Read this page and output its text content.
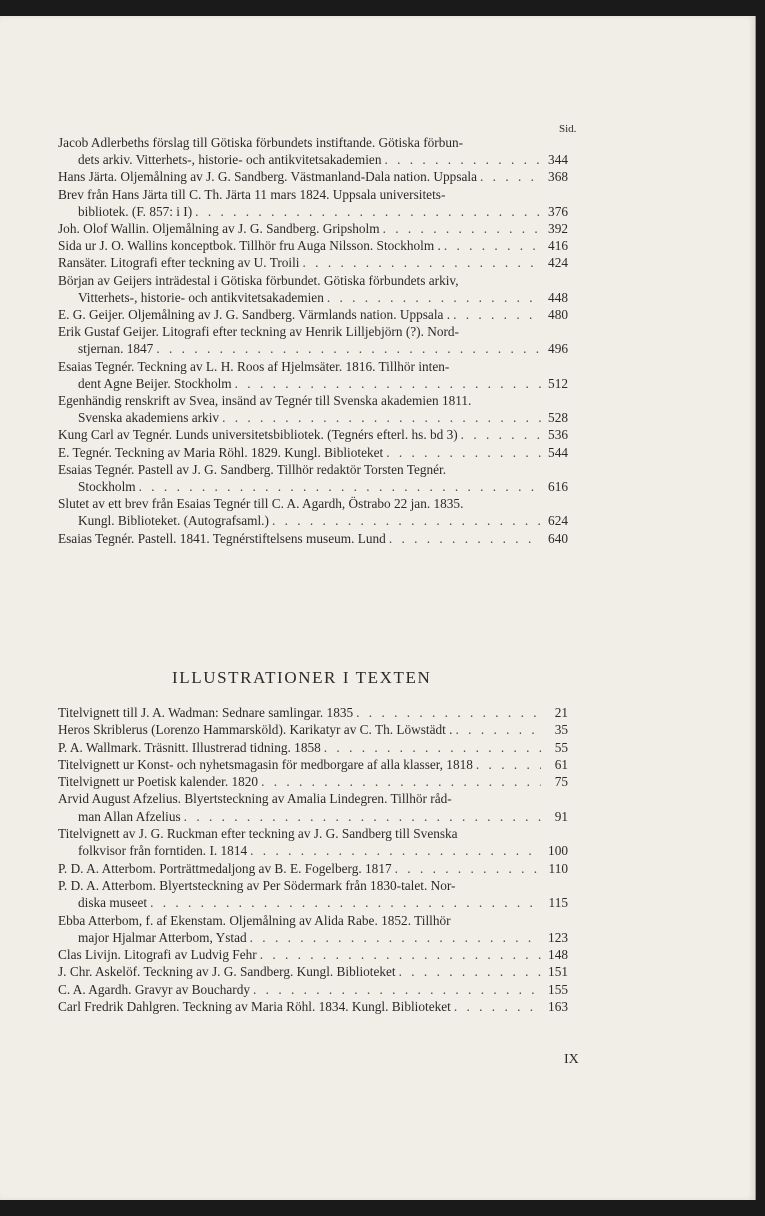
Sid.
Jacob Adlerbeths förslag till Götiska förbundets instiftande. Götiska förbun-
dets arkiv. Vitterhets-, historie- och antikvitetsakademien . . .	344
Hans Järta. Oljemålning av J. G. Sandberg. Västmanland-Dala nation. Uppsala . . .	368
Brev från Hans Järta till C. Th. Järta 11 mars 1824. Uppsala universitets-
bibliotek. (F. 857: i I) . . .	376
Joh. Olof Wallin. Oljemålning av J. G. Sandberg. Gripsholm . . .	392
Sida ur J. O. Wallins konceptbok. Tillhör fru Auga Nilsson. Stockholm . . . .	416
Ransäter. Litografi efter teckning av U. Troili . . .	424
Början av Geijers inträdestal i Götiska förbundet. Götiska förbundets arkiv,
Vitterhets-, historie- och antikvitetsakademien . . .	448
E. G. Geijer. Oljemålning av J. G. Sandberg. Värmlands nation. Uppsala . . . .	480
Erik Gustaf Geijer. Litografi efter teckning av Henrik Lilljebjörn (?). Nord-
stjernan. 1847 . . .	496
Esaias Tegnér. Teckning av L. H. Roos af Hjelmsäter. 1816. Tillhör inten-
dent Agne Beijer. Stockholm . . .	512
Egenhändig renskrift av Svea, insänd av Tegnér till Svenska akademien 1811.
Svenska akademiens arkiv . . .	528
Kung Carl av Tegnér. Lunds universitetsbibliotek. (Tegnérs efterl. hs. bd 3) . . .	536
E. Tegnér. Teckning av Maria Röhl. 1829. Kungl. Biblioteket . . .	544
Esaias Tegnér. Pastell av J. G. Sandberg. Tillhör redaktör Torsten Tegnér.
Stockholm . . .	616
Slutet av ett brev från Esaias Tegnér till C. A. Agardh, Östrabo 22 jan. 1835.
Kungl. Biblioteket. (Autografsaml.) . . .	624
Esaias Tegnér. Pastell. 1841. Tegnérstiftelsens museum. Lund . . .	640
ILLUSTRATIONER I TEXTEN
Titelvignett till J. A. Wadman: Sednare samlingar. 1835 . . .	21
Heros Skriblerus (Lorenzo Hammarsköld). Karikatyr av C. Th. Löwstädt . . . .	35
P. A. Wallmark. Träsnitt. Illustrerad tidning. 1858 . . .	55
Titelvignett ur Konst- och nyhetsmagasin för medborgare af alla klasser, 1818 . . .	61
Titelvignett ur Poetisk kalender. 1820 . . .	75
Arvid August Afzelius. Blyertsteckning av Amalia Lindegren. Tillhör råd-
man Allan Afzelius . . .	91
Titelvignett av J. G. Ruckman efter teckning av J. G. Sandberg till Svenska
folkvisor från forntiden. I. 1814 . . .	100
P. D. A. Atterbom. Porträttmedaljong av B. E. Fogelberg. 1817 . . .	110
P. D. A. Atterbom. Blyertsteckning av Per Södermark från 1830-talet. Nor-
diska museet . . .	115
Ebba Atterbom, f. af Ekenstam. Oljemålning av Alida Rabe. 1852. Tillhör
major Hjalmar Atterbom, Ystad . . .	123
Clas Livijn. Litografi av Ludvig Fehr . . .	148
J. Chr. Askelöf. Teckning av J. G. Sandberg. Kungl. Biblioteket . . .	151
C. A. Agardh. Gravyr av Bouchardy . . .	155
Carl Fredrik Dahlgren. Teckning av Maria Röhl. 1834. Kungl. Biblioteket . . .	163
IX
